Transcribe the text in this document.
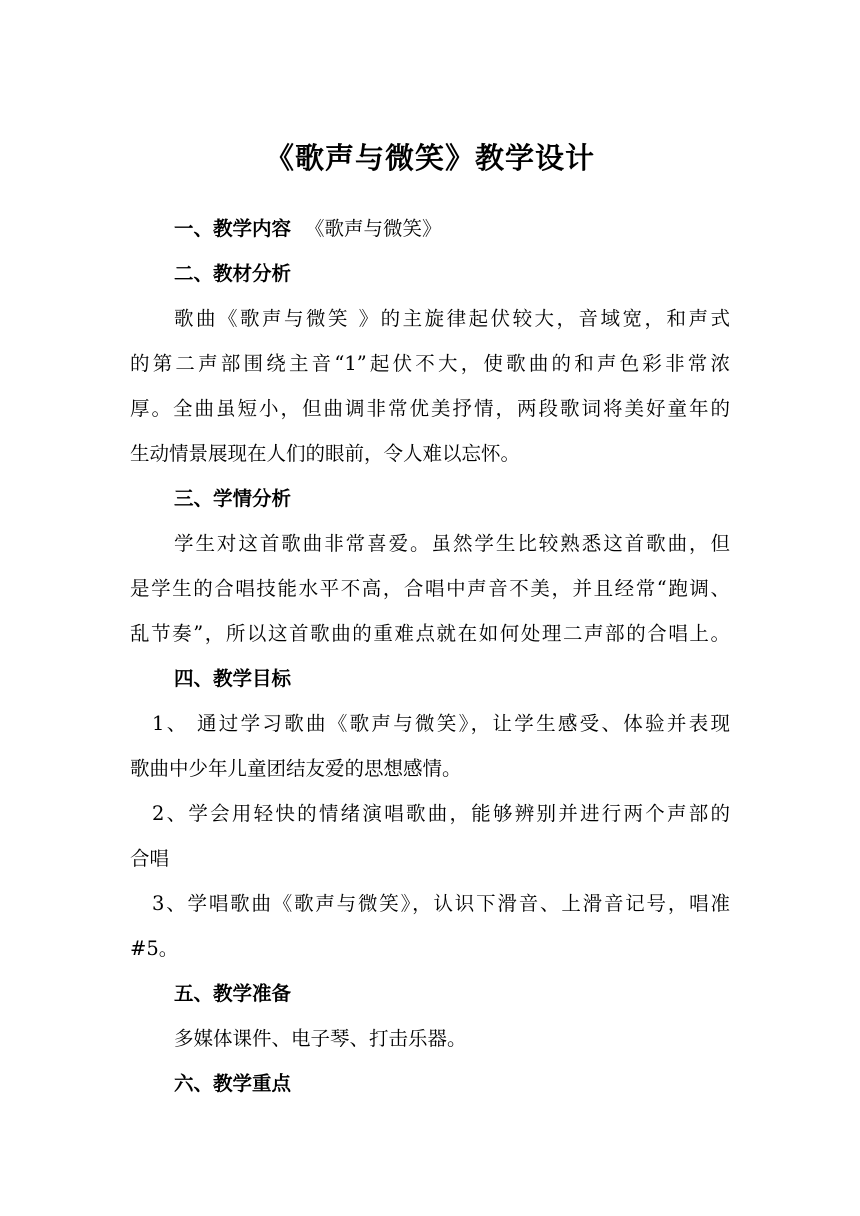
《歌声与微笑》教学设计
一、教学内容 《歌声与微笑》
二、教材分析
歌曲《歌声与微笑 》的主旋律起伏较大，音域宽，和声式
的第二声部围绕主音“1”起伏不大，使歌曲的和声色彩非常浓
厚。全曲虽短小，但曲调非常优美抒情，两段歌词将美好童年的
生动情景展现在人们的眼前，令人难以忘怀。
三、学情分析
学生对这首歌曲非常喜爱。虽然学生比较熟悉这首歌曲，但
是学生的合唱技能水平不高，合唱中声音不美，并且经常“跑调、
乱节奏”，所以这首歌曲的重难点就在如何处理二声部的合唱上。
四、教学目标
1、 通过学习歌曲《歌声与微笑》，让学生感受、体验并表现
歌曲中少年儿童团结友爱的思想感情。
2、学会用轻快的情绪演唱歌曲，能够辨别并进行两个声部的
合唱
3、学唱歌曲《歌声与微笑》，认识下滑音、上滑音记号，唱准
#5。
五、教学准备
多媒体课件、电子琴、打击乐器。
六、教学重点
